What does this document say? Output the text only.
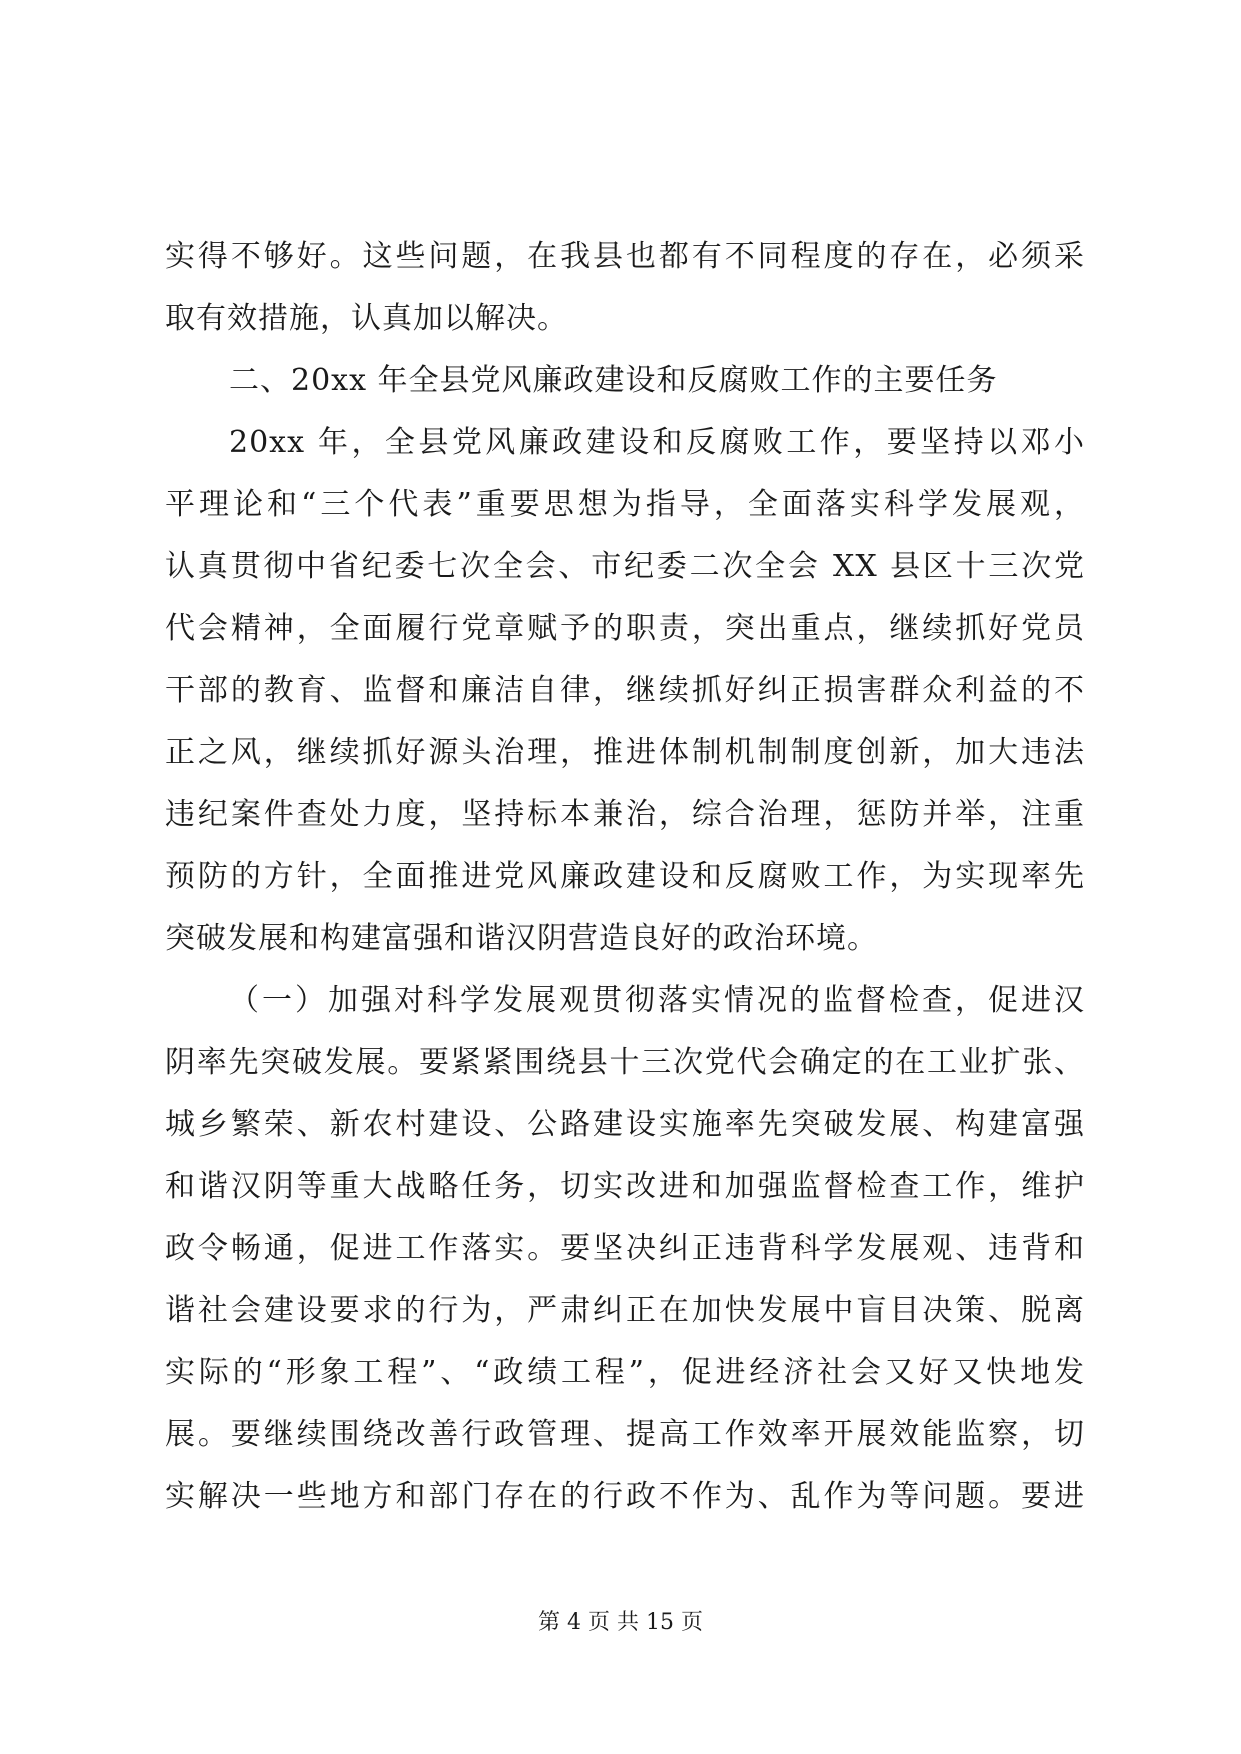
实得不够好。这些问题，在我县也都有不同程度的存在，必须采
取有效措施，认真加以解决。
二、20xx 年全县党风廉政建设和反腐败工作的主要任务
20xx 年，全县党风廉政建设和反腐败工作，要坚持以邓小
平理论和“三个代表”重要思想为指导，全面落实科学发展观，
认真贯彻中省纪委七次全会、市纪委二次全会 XX 县区十三次党
代会精神，全面履行党章赋予的职责，突出重点，继续抓好党员
干部的教育、监督和廉洁自律，继续抓好纠正损害群众利益的不
正之风，继续抓好源头治理，推进体制机制制度创新，加大违法
违纪案件查处力度，坚持标本兼治，综合治理，惩防并举，注重
预防的方针，全面推进党风廉政建设和反腐败工作，为实现率先
突破发展和构建富强和谐汉阴营造良好的政治环境。
（一）加强对科学发展观贯彻落实情况的监督检查，促进汉
阴率先突破发展。要紧紧围绕县十三次党代会确定的在工业扩张、
城乡繁荣、新农村建设、公路建设实施率先突破发展、构建富强
和谐汉阴等重大战略任务，切实改进和加强监督检查工作，维护
政令畅通，促进工作落实。要坚决纠正违背科学发展观、违背和
谐社会建设要求的行为，严肃纠正在加快发展中盲目决策、脱离
实际的“形象工程”、“政绩工程”，促进经济社会又好又快地发
展。要继续围绕改善行政管理、提高工作效率开展效能监察，切
实解决一些地方和部门存在的行政不作为、乱作为等问题。要进
第 4 页 共 15 页
